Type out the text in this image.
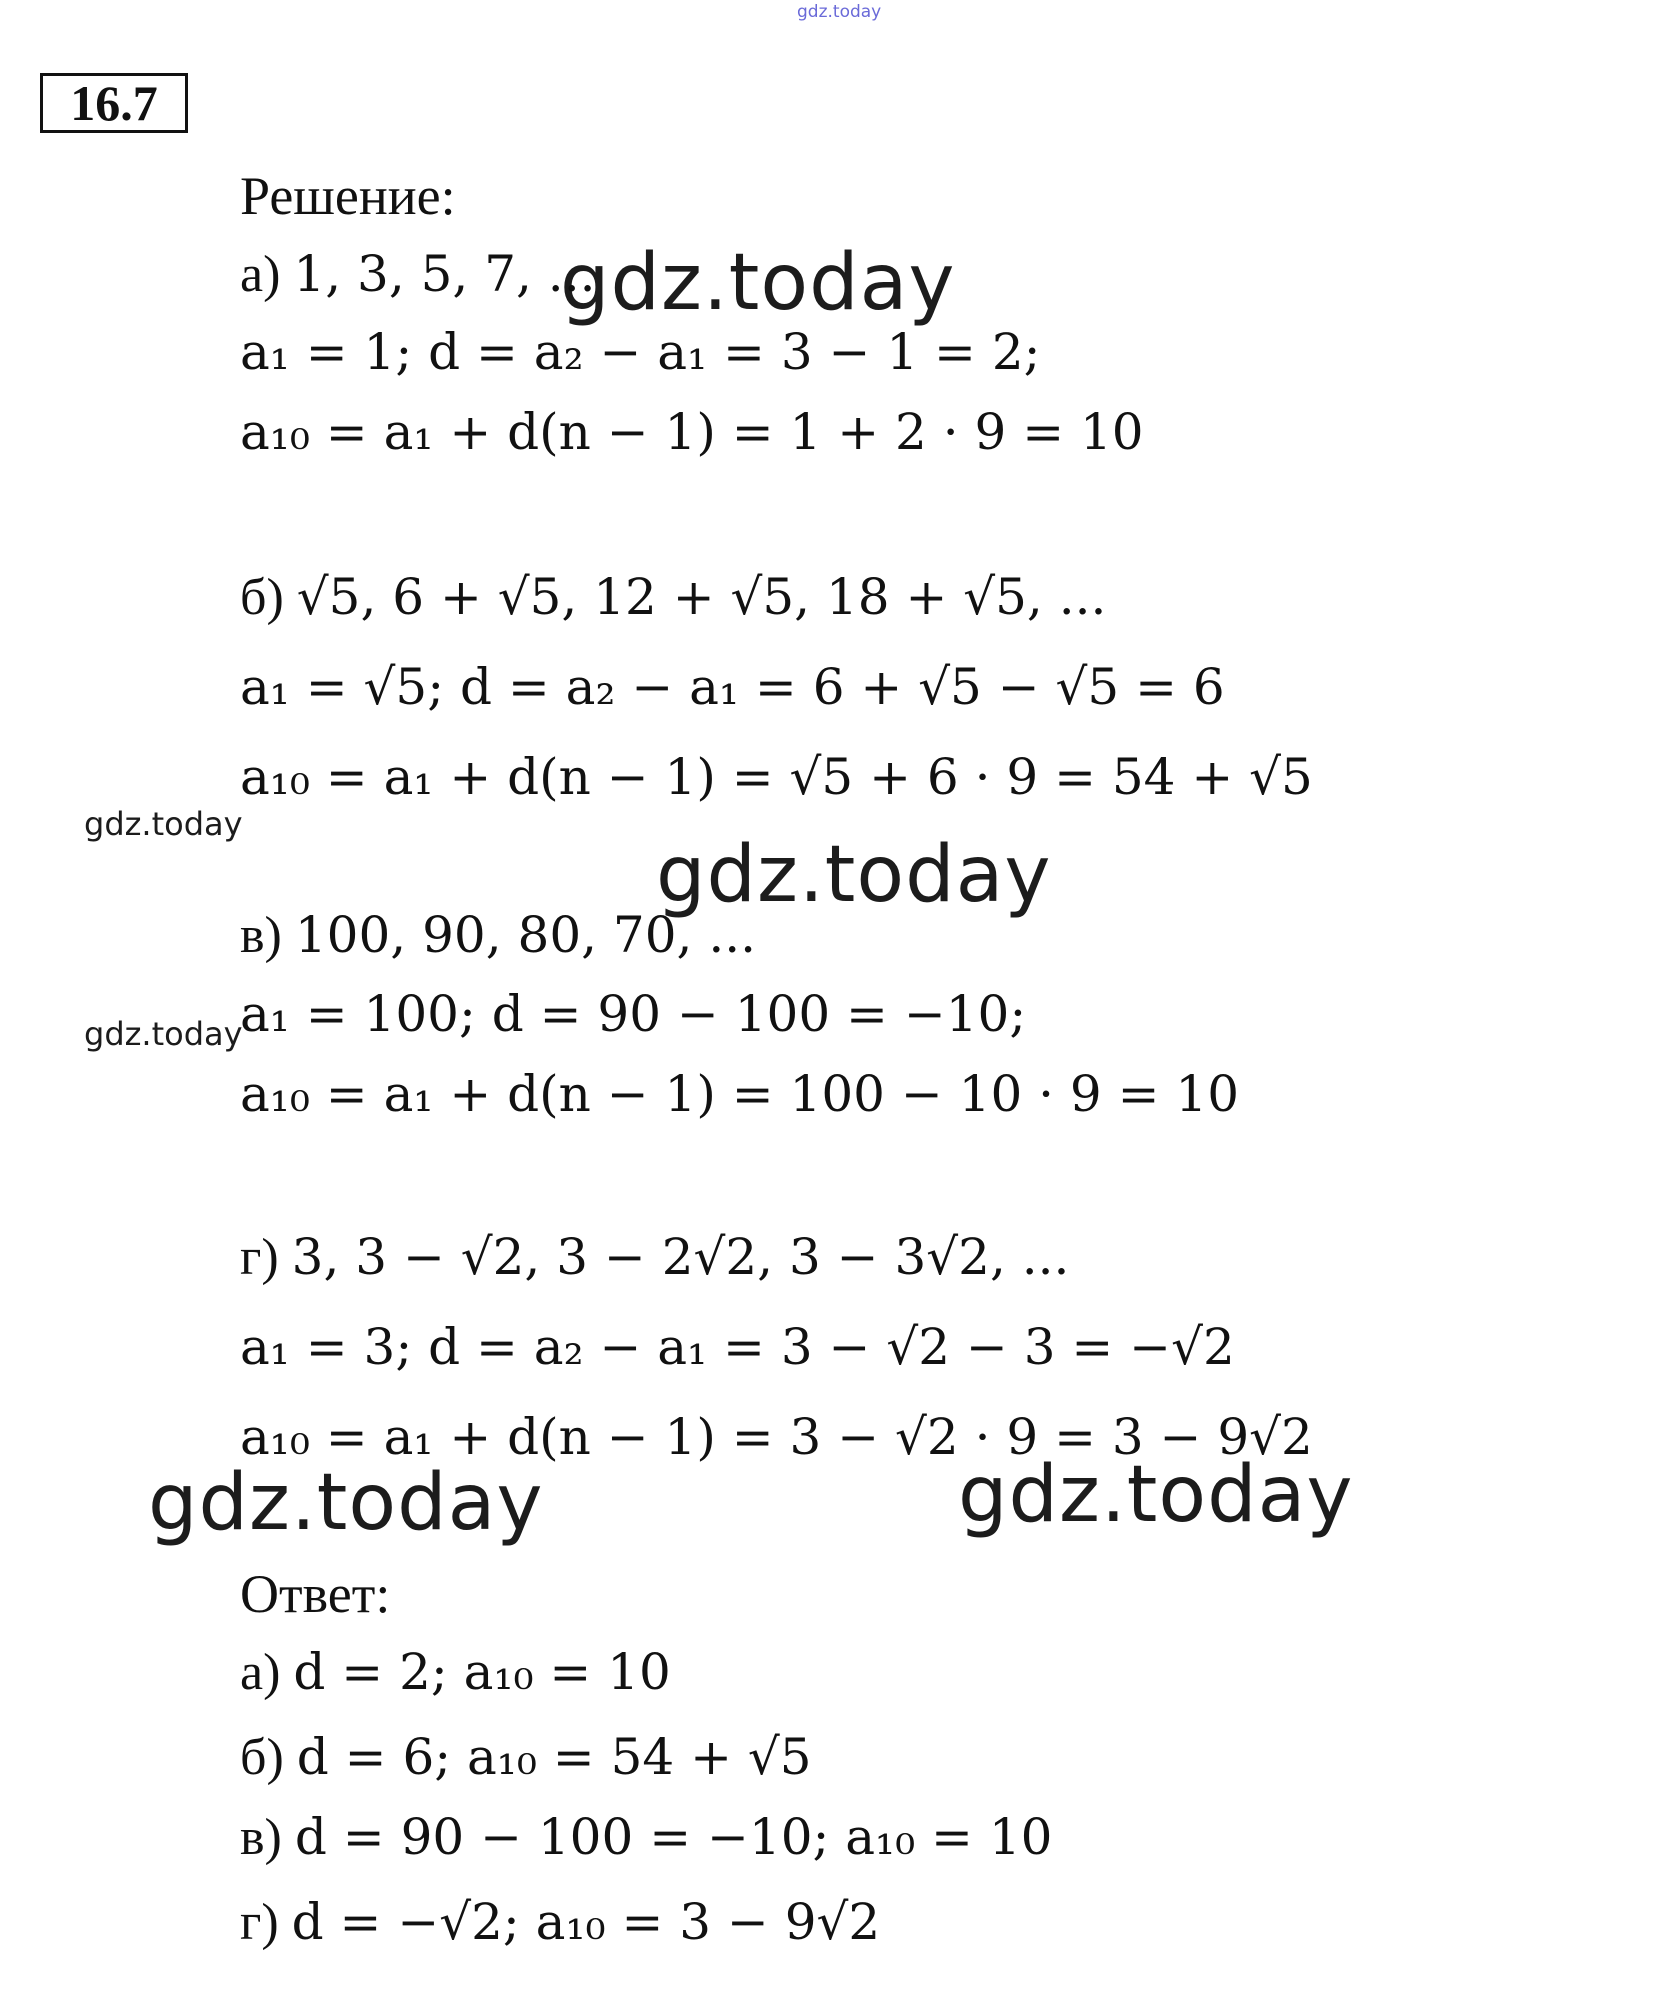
gdz.today
gdz.today
gdz.today
gdz.today
gdz.today
gdz.today	gdz.today
16.7
Решение:
а) 1, 3, 5, 7, ...
a₁ = 1; d = a₂ − a₁ = 3 − 1 = 2;
a₁₀ = a₁ + d(n − 1) = 1 + 2 · 9 = 10
б) √5, 6 + √5, 12 + √5, 18 + √5, ...
a₁ = √5; d = a₂ − a₁ = 6 + √5 − √5 = 6
a₁₀ = a₁ + d(n − 1) = √5 + 6 · 9 = 54 + √5
в) 100, 90, 80, 70, ...
a₁ = 100; d = 90 − 100 = −10;
a₁₀ = a₁ + d(n − 1) = 100 − 10 · 9 = 10
г) 3, 3 − √2, 3 − 2√2, 3 − 3√2, ...
a₁ = 3; d = a₂ − a₁ = 3 − √2 − 3 = −√2
a₁₀ = a₁ + d(n − 1) = 3 − √2 · 9 = 3 − 9√2
Ответ:
а) d = 2; a₁₀ = 10
б) d = 6; a₁₀ = 54 + √5
в) d = 90 − 100 = −10; a₁₀ = 10
г) d = −√2; a₁₀ = 3 − 9√2
